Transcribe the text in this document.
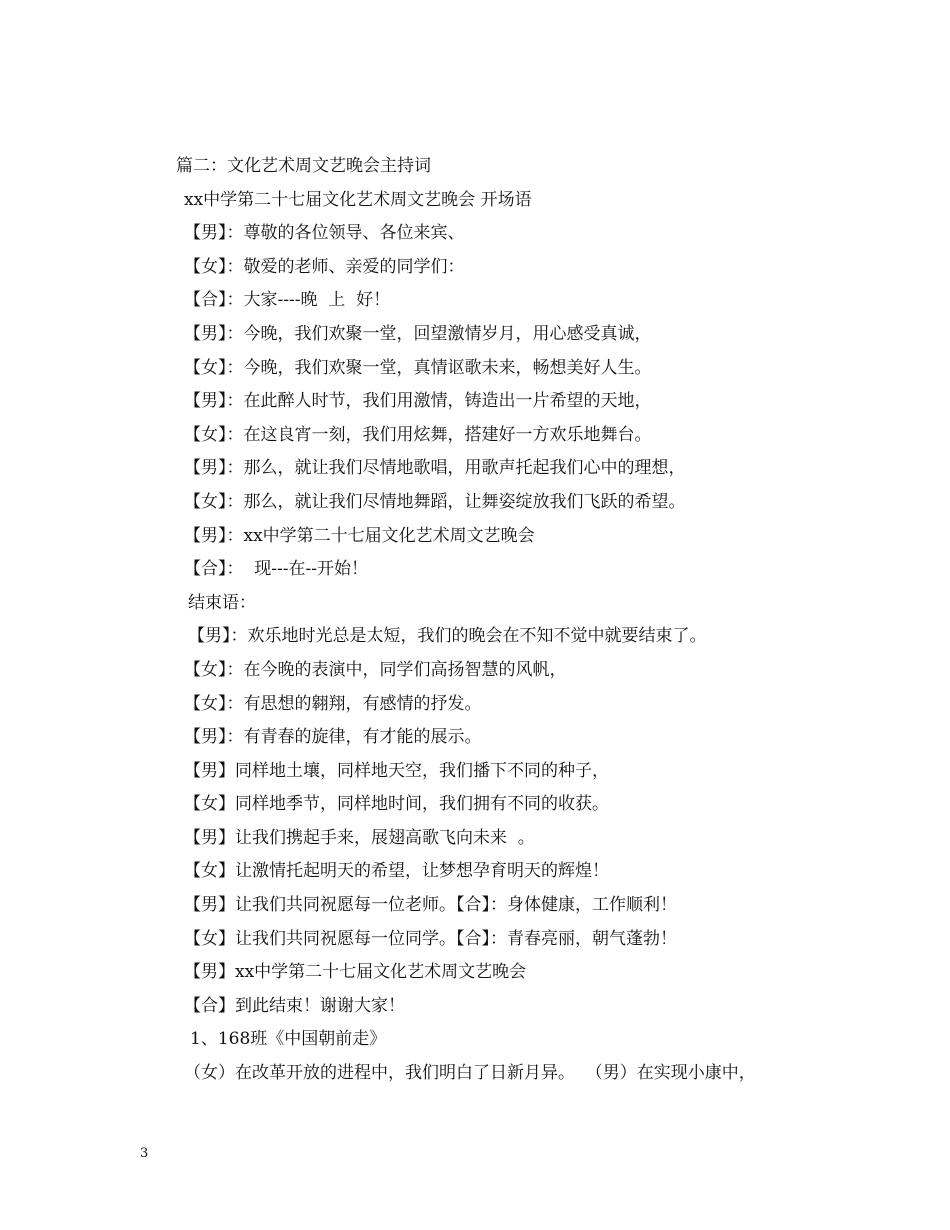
篇二：文化艺术周文艺晚会主持词
xx中学第二十七届文化艺术周文艺晚会 开场语
【男】：尊敬的各位领导、各位来宾、
【女】：敬爱的老师、亲爱的同学们：
【合】：大家----晚  上  好！
【男】：今晚，我们欢聚一堂，回望激情岁月，用心感受真诚，
【女】：今晚，我们欢聚一堂，真情讴歌未来，畅想美好人生。
【男】：在此醉人时节，我们用激情，铸造出一片希望的天地，
【女】：在这良宵一刻，我们用炫舞，搭建好一方欢乐地舞台。
【男】：那么，就让我们尽情地歌唱，用歌声托起我们心中的理想，
【女】：那么，就让我们尽情地舞蹈，让舞姿绽放我们飞跃的希望。
【男】：xx中学第二十七届文化艺术周文艺晚会
【合】：  现---在--开始！
结束语：
【男】：欢乐地时光总是太短，我们的晚会在不知不觉中就要结束了。
【女】：在今晚的表演中，同学们高扬智慧的风帆，
【女】：有思想的翱翔，有感情的抒发。
【男】：有青春的旋律，有才能的展示。
【男】同样地土壤，同样地天空，我们播下不同的种子，
【女】同样地季节，同样地时间，我们拥有不同的收获。
【男】让我们携起手来，展翅高歌飞向未来  。
【女】让激情托起明天的希望，让梦想孕育明天的辉煌！
【男】让我们共同祝愿每一位老师。【合】：身体健康，工作顺利！
【女】让我们共同祝愿每一位同学。【合】：青春亮丽，朝气蓬勃！
【男】xx中学第二十七届文化艺术周文艺晚会
【合】到此结束！谢谢大家！
1、168班《中国朝前走》
（女）在改革开放的进程中，我们明白了日新月异。  （男）在实现小康中，
3
